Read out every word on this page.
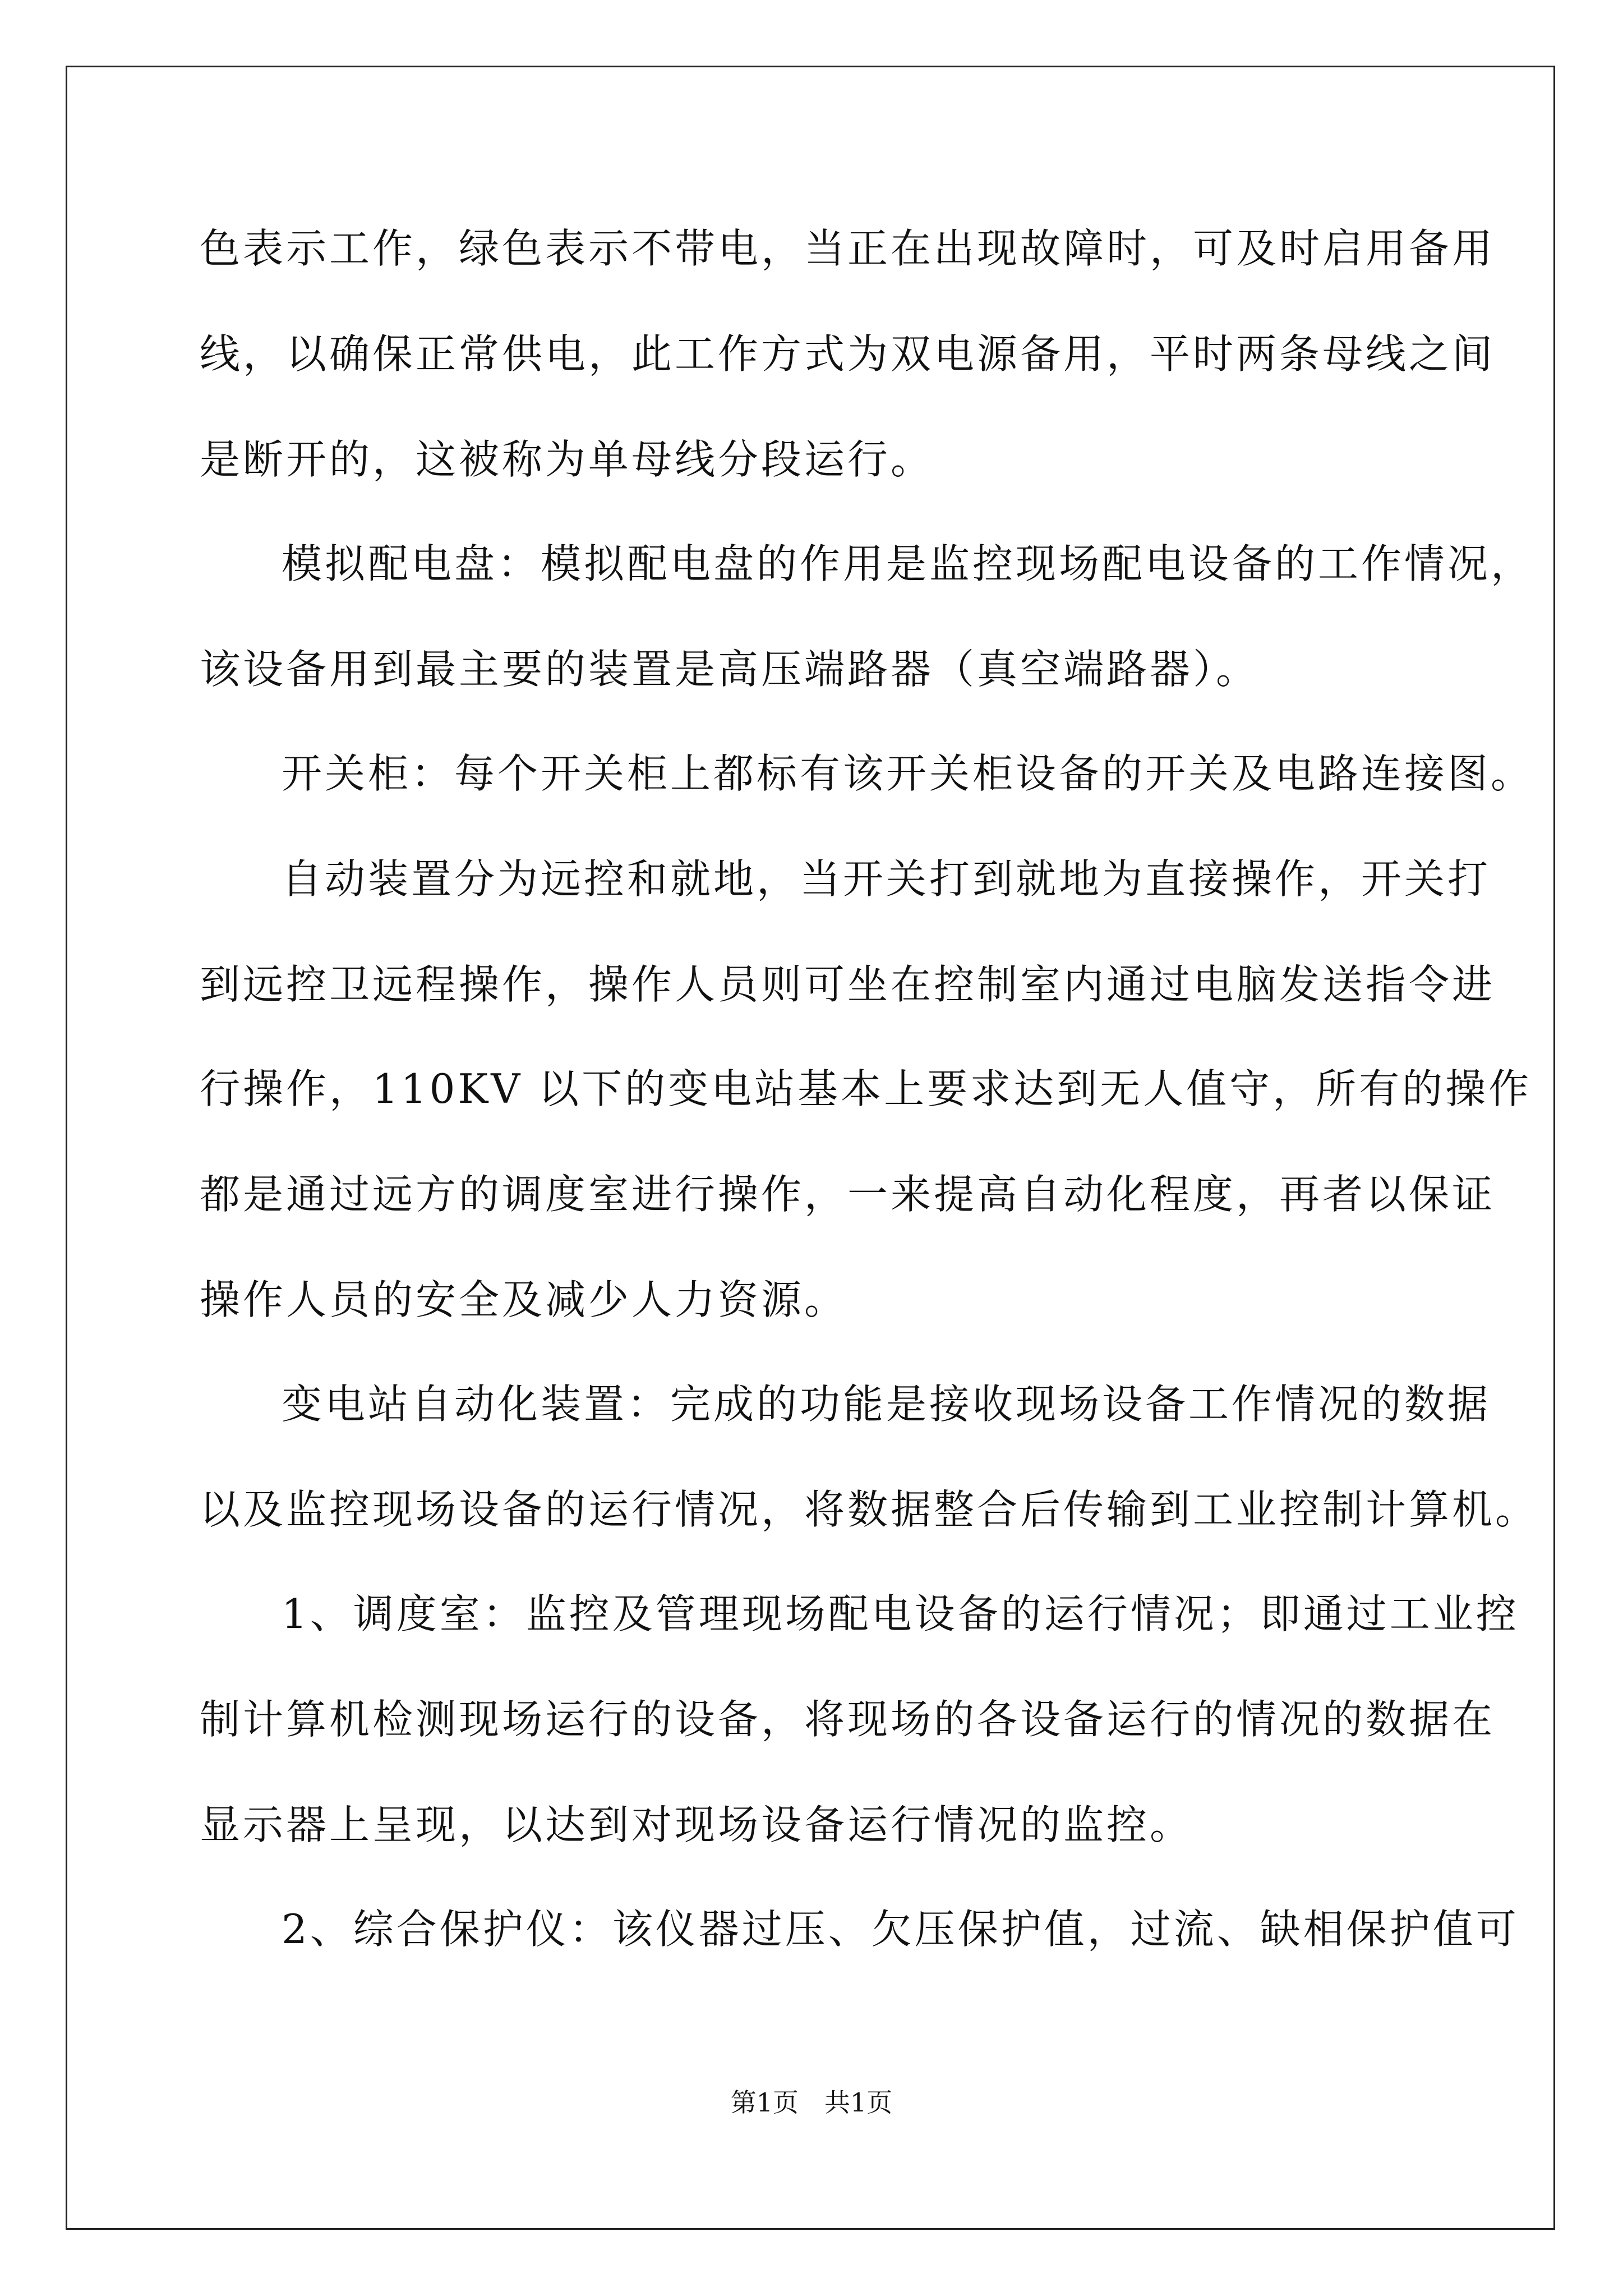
色表示工作，绿色表示不带电，当正在出现故障时，可及时启用备用
线，以确保正常供电，此工作方式为双电源备用，平时两条母线之间
是断开的，这被称为单母线分段运行。
模拟配电盘：模拟配电盘的作用是监控现场配电设备的工作情况，
该设备用到最主要的装置是高压端路器（真空端路器）。
开关柜：每个开关柜上都标有该开关柜设备的开关及电路连接图。
自动装置分为远控和就地，当开关打到就地为直接操作，开关打
到远控卫远程操作，操作人员则可坐在控制室内通过电脑发送指令进
行操作，110KV 以下的变电站基本上要求达到无人值守，所有的操作
都是通过远方的调度室进行操作，一来提高自动化程度，再者以保证
操作人员的安全及减少人力资源。
变电站自动化装置：完成的功能是接收现场设备工作情况的数据
以及监控现场设备的运行情况，将数据整合后传输到工业控制计算机。
1、调度室：监控及管理现场配电设备的运行情况；即通过工业控
制计算机检测现场运行的设备，将现场的各设备运行的情况的数据在
显示器上呈现，以达到对现场设备运行情况的监控。
2、综合保护仪：该仪器过压、欠压保护值，过流、缺相保护值可
第1页 共1页
